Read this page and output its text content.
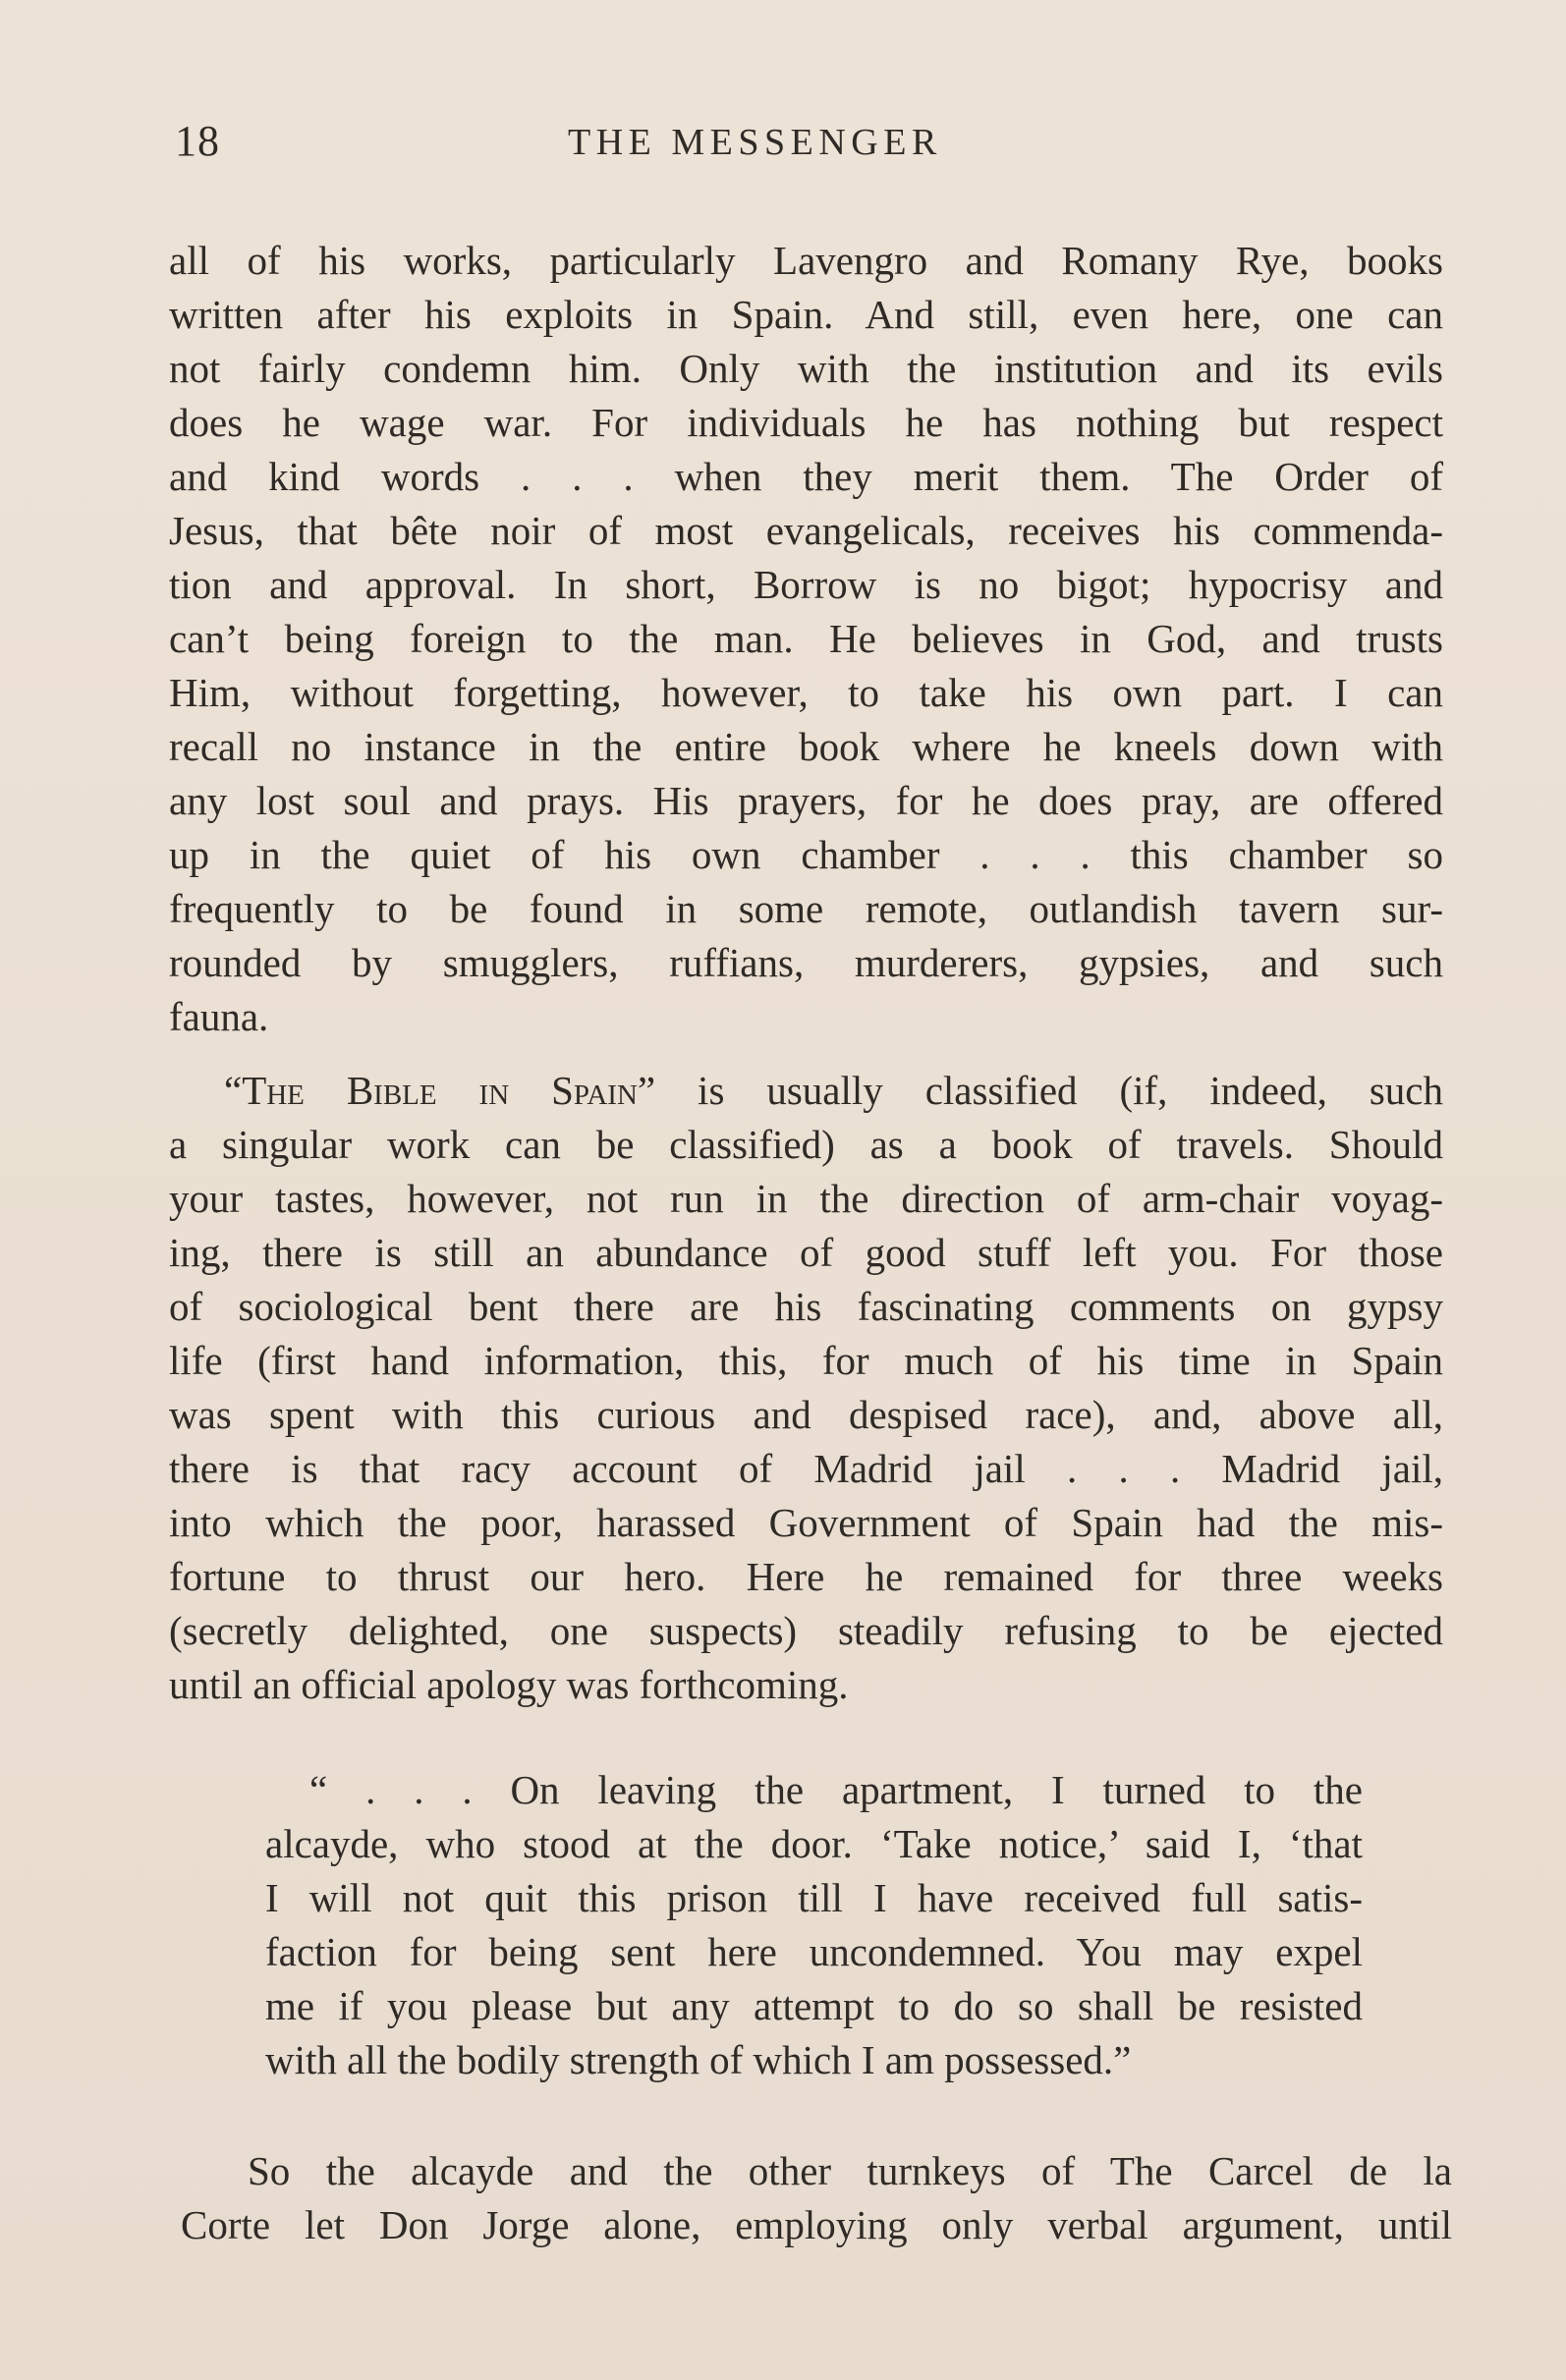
18	THE MESSENGER
all of his works, particularly Lavengro and Romany Rye, books
written after his exploits in Spain. And still, even here, one can
not fairly condemn him. Only with the institution and its evils
does he wage war. For individuals he has nothing but respect
and kind words . . . when they merit them. The Order of
Jesus, that bête noir of most evangelicals, receives his commenda-
tion and approval. In short, Borrow is no bigot; hypocrisy and
can’t being foreign to the man. He believes in God, and trusts
Him, without forgetting, however, to take his own part. I can
recall no instance in the entire book where he kneels down with
any lost soul and prays. His prayers, for he does pray, are offered
up in the quiet of his own chamber . . . this chamber so
frequently to be found in some remote, outlandish tavern sur-
rounded by smugglers, ruffians, murderers, gypsies, and such
fauna.
“The Bible in Spain” is usually classified (if, indeed, such
a singular work can be classified) as a book of travels. Should
your tastes, however, not run in the direction of arm-chair voyag-
ing, there is still an abundance of good stuff left you. For those
of sociological bent there are his fascinating comments on gypsy
life (first hand information, this, for much of his time in Spain
was spent with this curious and despised race), and, above all,
there is that racy account of Madrid jail . . . Madrid jail,
into which the poor, harassed Government of Spain had the mis-
fortune to thrust our hero. Here he remained for three weeks
(secretly delighted, one suspects) steadily refusing to be ejected
until an official apology was forthcoming.
“ . . . On leaving the apartment, I turned to the
alcayde, who stood at the door. ‘Take notice,’ said I, ‘that
I will not quit this prison till I have received full satis-
faction for being sent here uncondemned. You may expel
me if you please but any attempt to do so shall be resisted
with all the bodily strength of which I am possessed.”
So the alcayde and the other turnkeys of The Carcel de la
Corte let Don Jorge alone, employing only verbal argument, until
